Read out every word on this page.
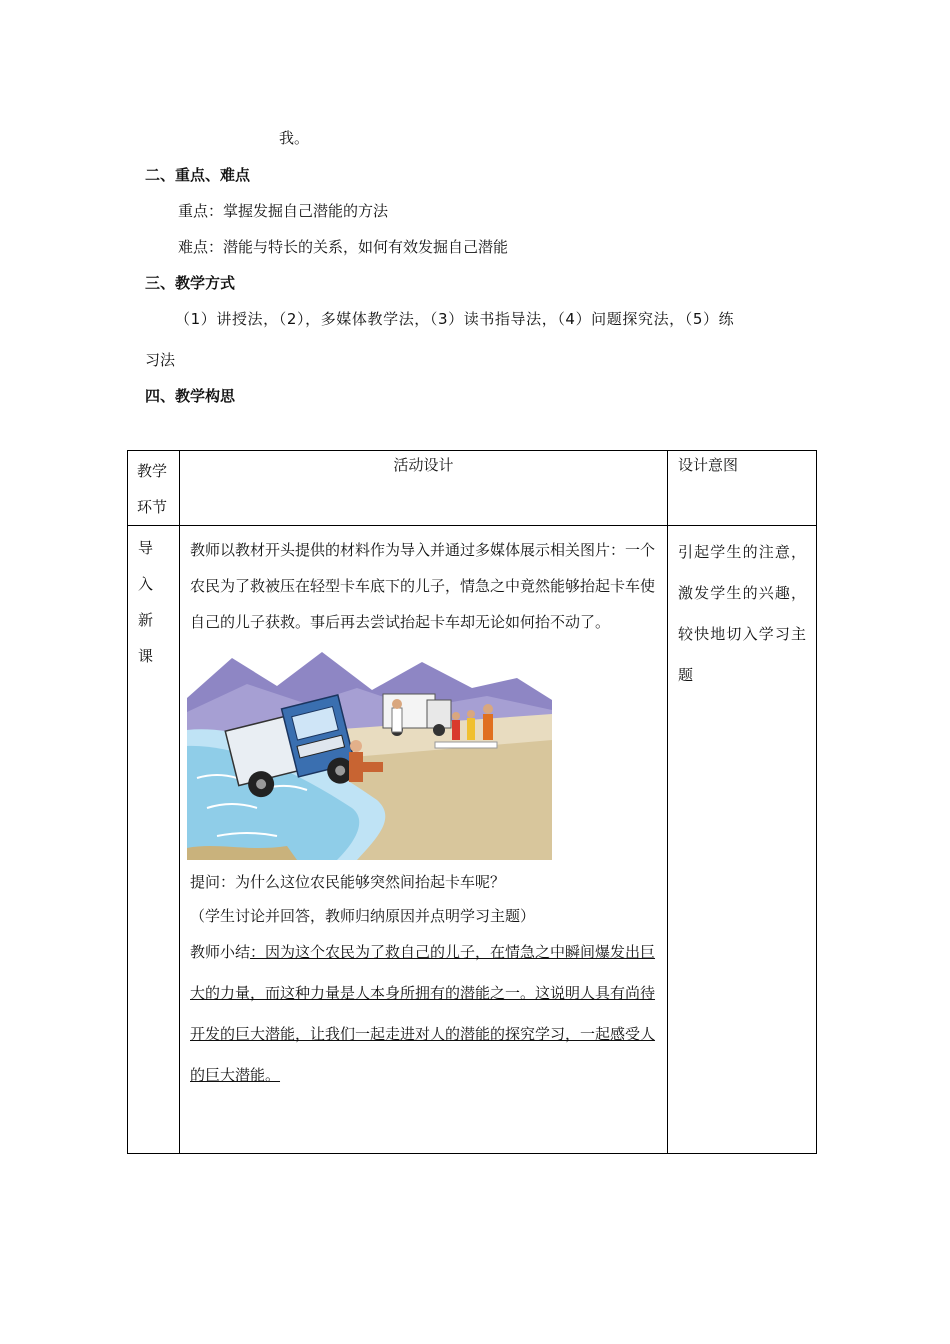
我。
二、重点、难点
重点：掌握发掘自己潜能的方法
难点：潜能与特长的关系，如何有效发掘自己潜能
三、教学方式
（1）讲授法，（2），多媒体教学法，（3）读书指导法，（4）问题探究法，（5）练
习法
四、教学构思
教学环节	活动设计	设计意图

导入新课	教师以教材开头提供的材料作为导入并通过多媒体展示相关图片：一个农民为了救被压在轻型卡车底下的儿子，情急之中竟然能够抬起卡车使自己的儿子获救。事后再去尝试抬起卡车却无论如何抬不动了。

提问：为什么这位农民能够突然间抬起卡车呢？

（学生讨论并回答，教师归纳原因并点明学习主题）

教师小结：因为这个农民为了救自己的儿子，在情急之中瞬间爆发出巨大的力量，而这种力量是人本身所拥有的潜能之一。这说明人具有尚待开发的巨大潜能，让我们一起走进对人的潜能的探究学习，一起感受人的巨大潜能。	引起学生的注意，激发学生的兴趣，较快地切入学习主题
